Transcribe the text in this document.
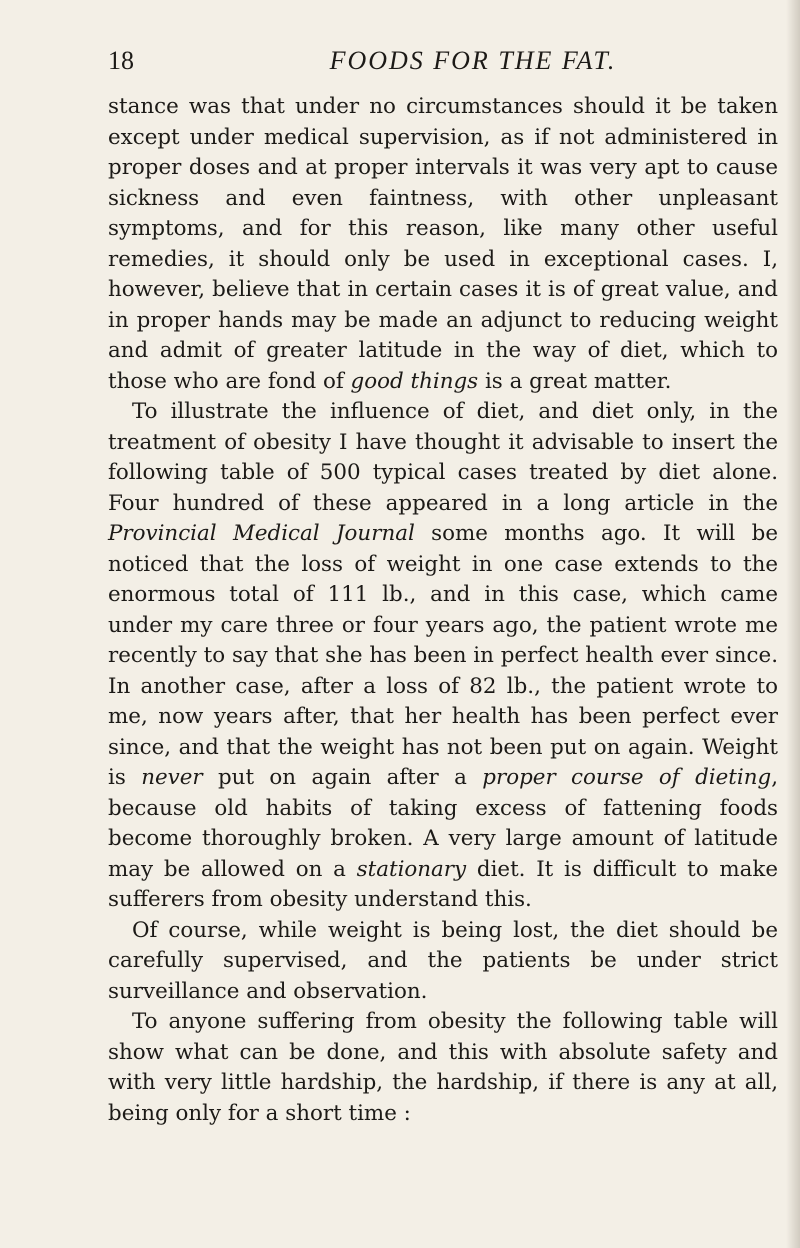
18	FOODS FOR THE FAT.

stance was that under no circumstances should it be taken except under medical supervision, as if not administered in proper doses and at proper intervals it was very apt to cause sickness and even faintness, with other unpleasant symptoms, and for this reason, like many other useful remedies, it should only be used in exceptional cases. I, however, believe that in certain cases it is of great value, and in proper hands may be made an adjunct to reducing weight and admit of greater latitude in the way of diet, which to those who are fond of good things is a great matter.

To illustrate the influence of diet, and diet only, in the treatment of obesity I have thought it advisable to insert the following table of 500 typical cases treated by diet alone. Four hundred of these appeared in a long article in the Provincial Medical Journal some months ago. It will be noticed that the loss of weight in one case extends to the enormous total of 111 lb., and in this case, which came under my care three or four years ago, the patient wrote me recently to say that she has been in perfect health ever since. In another case, after a loss of 82 lb., the patient wrote to me, now years after, that her health has been perfect ever since, and that the weight has not been put on again. Weight is never put on again after a proper course of dieting, because old habits of taking excess of fattening foods become thoroughly broken. A very large amount of latitude may be allowed on a stationary diet. It is difficult to make sufferers from obesity understand this.

Of course, while weight is being lost, the diet should be carefully supervised, and the patients be under strict surveillance and observation.

To anyone suffering from obesity the following table will show what can be done, and this with absolute safety and with very little hardship, the hardship, if there is any at all, being only for a short time :
